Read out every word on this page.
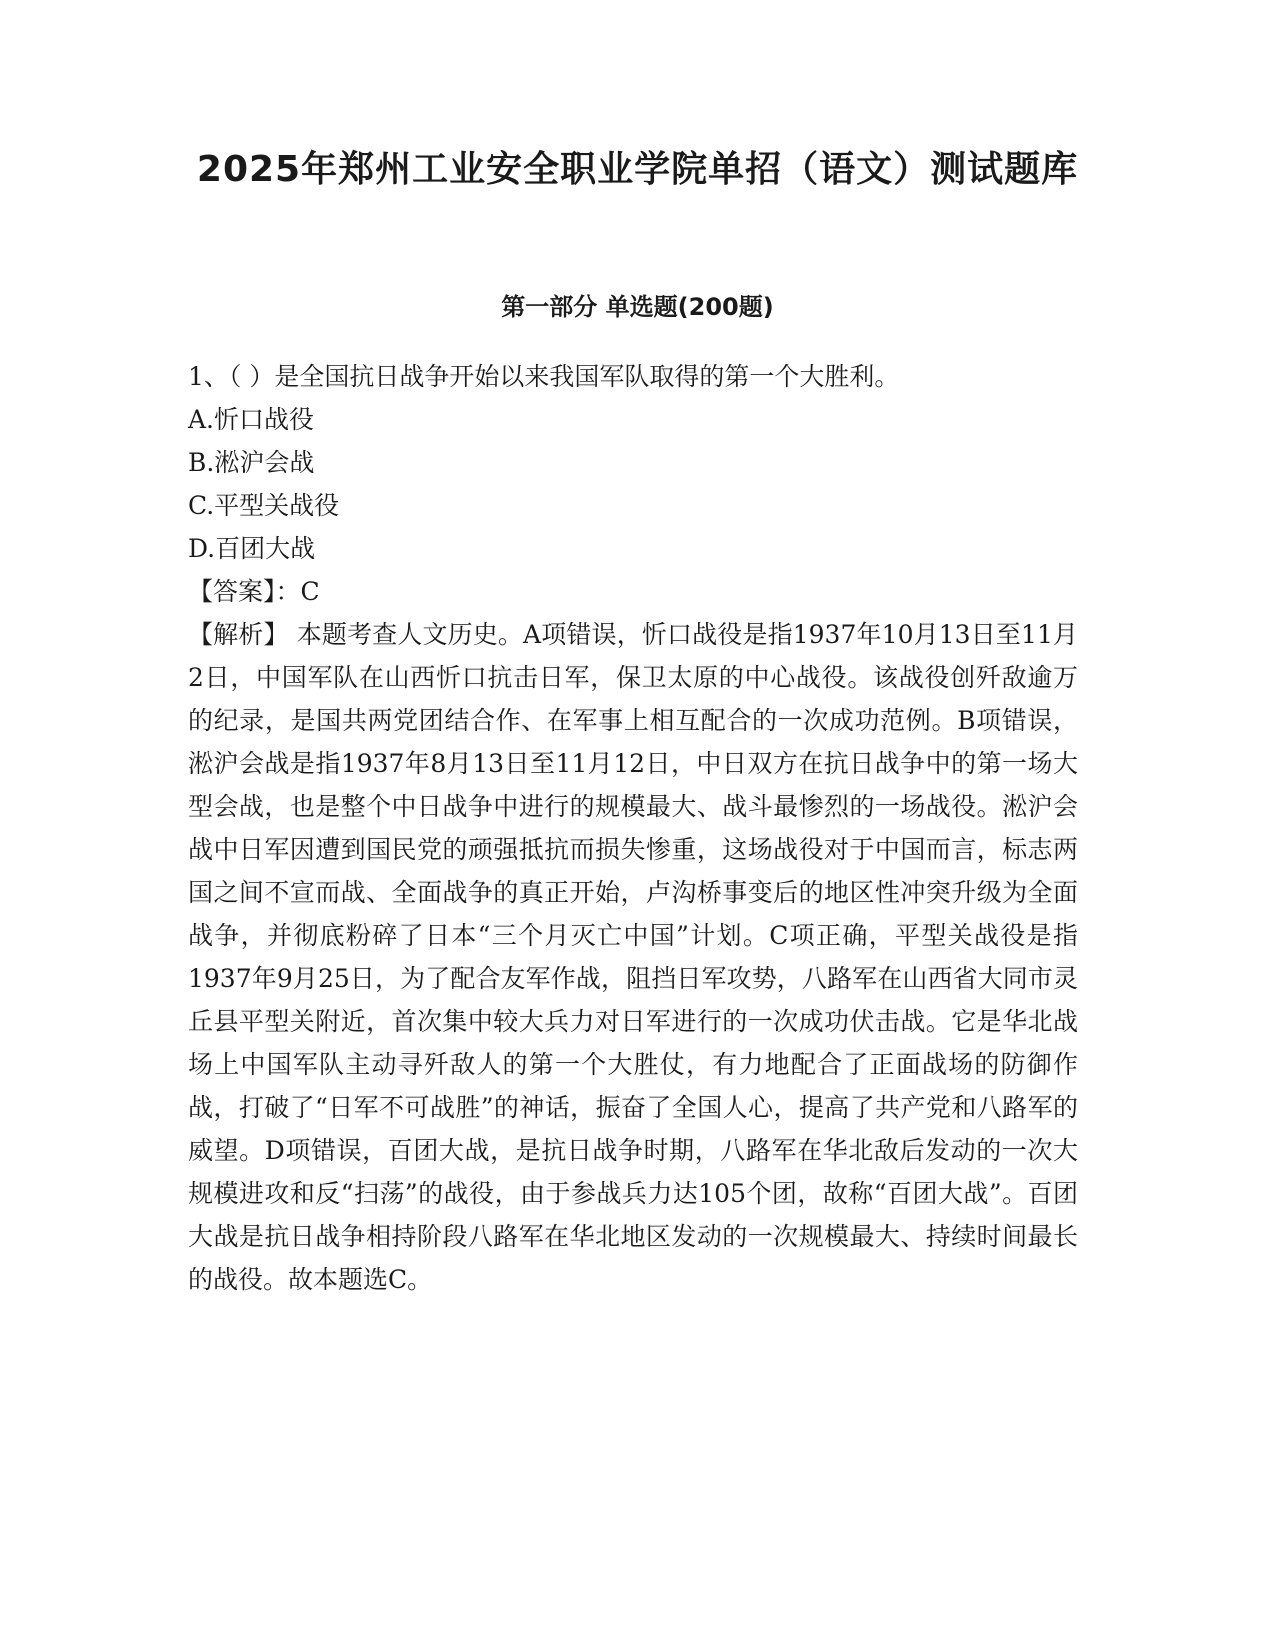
2025年郑州工业安全职业学院单招（语文）测试题库
第一部分 单选题(200题)
1、（ ）是全国抗日战争开始以来我国军队取得的第一个大胜利。
A.忻口战役
B.淞沪会战
C.平型关战役
D.百团大战
【答案】：C
【解析】 本题考查人文历史。A项错误，忻口战役是指1937年10月13日至11月2日，中国军队在山西忻口抗击日军，保卫太原的中心战役。该战役创歼敌逾万的纪录，是国共两党团结合作、在军事上相互配合的一次成功范例。B项错误，淞沪会战是指1937年8月13日至11月12日，中日双方在抗日战争中的第一场大型会战，也是整个中日战争中进行的规模最大、战斗最惨烈的一场战役。淞沪会战中日军因遭到国民党的顽强抵抗而损失惨重，这场战役对于中国而言，标志两国之间不宣而战、全面战争的真正开始，卢沟桥事变后的地区性冲突升级为全面战争，并彻底粉碎了日本“三个月灭亡中国”计划。C项正确，平型关战役是指1937年9月25日，为了配合友军作战，阻挡日军攻势，八路军在山西省大同市灵丘县平型关附近，首次集中较大兵力对日军进行的一次成功伏击战。它是华北战场上中国军队主动寻歼敌人的第一个大胜仗，有力地配合了正面战场的防御作战，打破了“日军不可战胜”的神话，振奋了全国人心，提高了共产党和八路军的威望。D项错误，百团大战，是抗日战争时期，八路军在华北敌后发动的一次大规模进攻和反“扫荡”的战役，由于参战兵力达105个团，故称“百团大战”。百团大战是抗日战争相持阶段八路军在华北地区发动的一次规模最大、持续时间最长的战役。故本题选C。
